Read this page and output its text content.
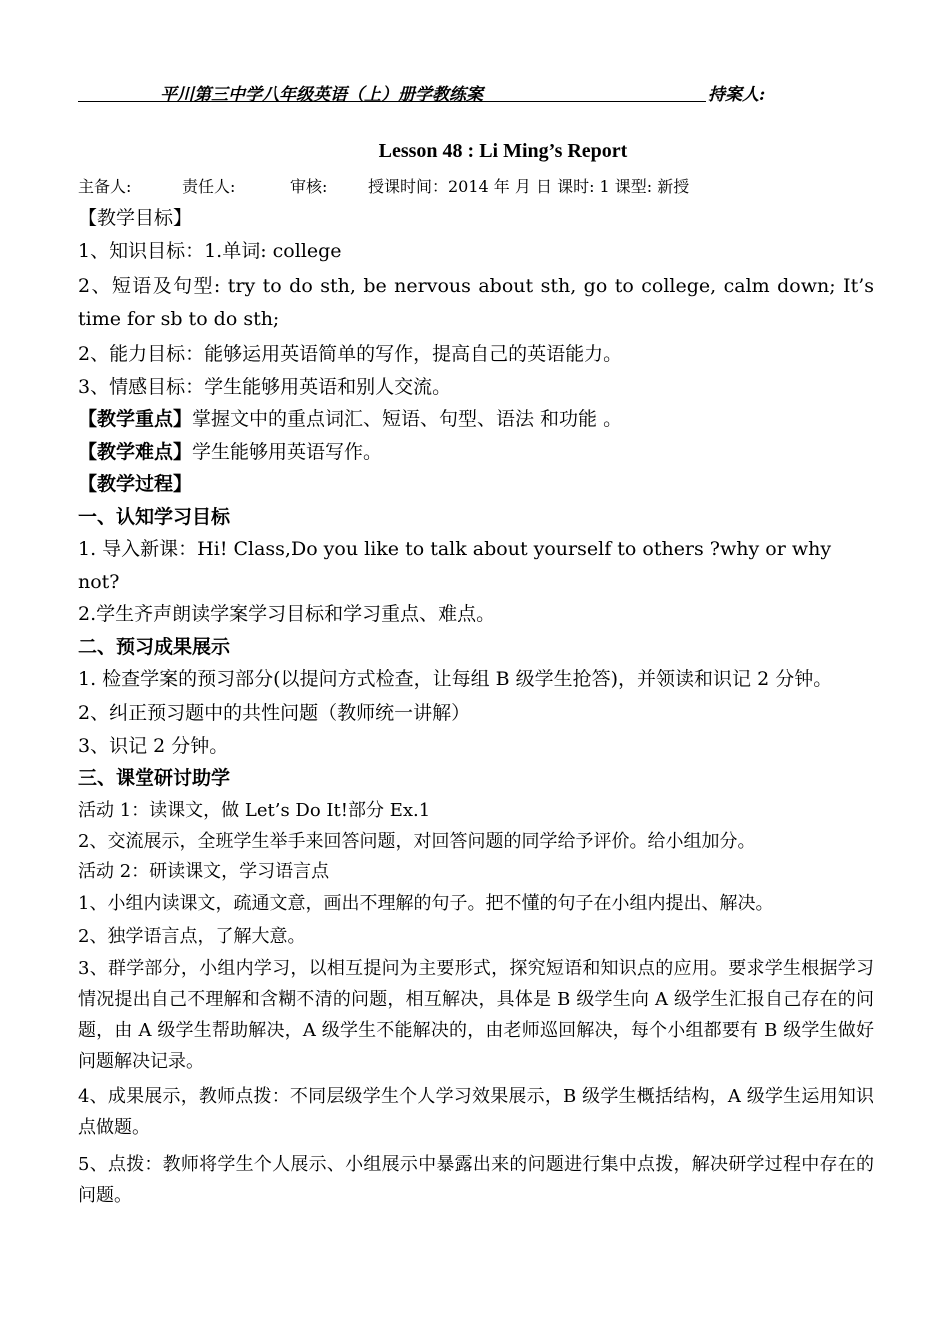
平川第三中学八年级英语（上）册学教练案	持案人:
Lesson 48 : Li Ming’s Report
主备人:	责任人:	审核:	授课时间：2014 年 月 日 课时: 1 课型: 新授

【教学目标】

1、知识目标：1.单词: college

2、短语及句型: try to do sth, be nervous about sth, go to college, calm down; It’s time for sb to do sth;

2、能力目标：能够运用英语简单的写作，提高自己的英语能力。

3、情感目标：学生能够用英语和别人交流。

【教学重点】掌握文中的重点词汇、短语、句型、语法 和功能 。

【教学难点】学生能够用英语写作。

【教学过程】

一、认知学习目标

1. 导入新课：Hi! Class,Do you like to talk about yourself to others ?why or why not?

2.学生齐声朗读学案学习目标和学习重点、难点。

二、预习成果展示

1. 检查学案的预习部分(以提问方式检查，让每组 B 级学生抢答)，并领读和识记 2 分钟。

2、纠正预习题中的共性问题（教师统一讲解）

3、识记 2 分钟。

三、课堂研讨助学

活动 1：读课文，做 Let’s Do It!部分 Ex.1

2、交流展示，全班学生举手来回答问题，对回答问题的同学给予评价。给小组加分。

活动 2：研读课文，学习语言点

1、小组内读课文，疏通文意，画出不理解的句子。把不懂的句子在小组内提出、解决。

2、独学语言点，了解大意。

3、群学部分，小组内学习，以相互提问为主要形式，探究短语和知识点的应用。要求学生根据学习情况提出自己不理解和含糊不清的问题，相互解决，具体是 B 级学生向 A 级学生汇报自己存在的问题，由 A 级学生帮助解决，A 级学生不能解决的，由老师巡回解决，每个小组都要有 B 级学生做好问题解决记录。

4、成果展示，教师点拨：不同层级学生个人学习效果展示，B 级学生概括结构，A 级学生运用知识点做题。

5、点拨：教师将学生个人展示、小组展示中暴露出来的问题进行集中点拨，解决研学过程中存在的问题。
